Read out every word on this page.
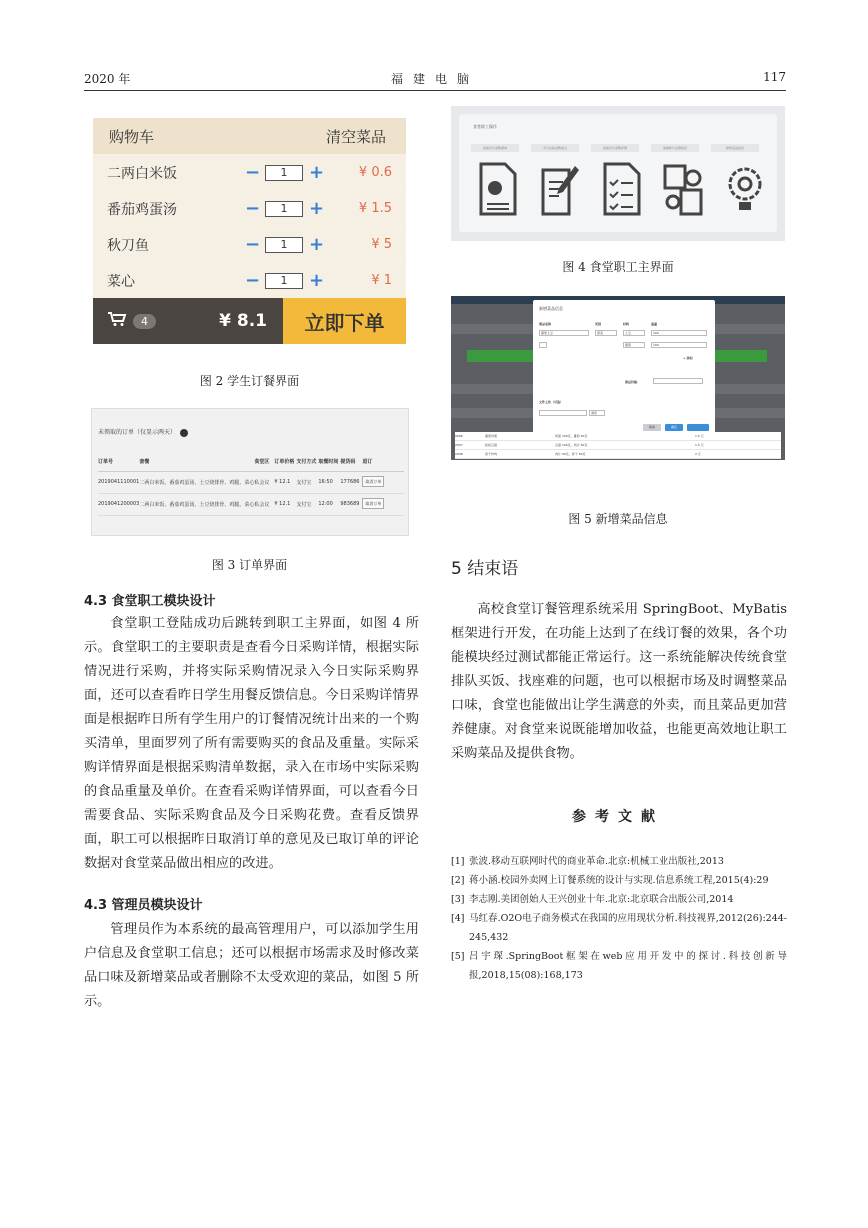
2020 年	福建电脑	117
购物车	清空菜品
二两白米饭	−	1	+	¥ 0.6
番茄鸡蛋汤	−	1	+	¥ 1.5
秋刀鱼	−	1	+	¥ 5
菜心	−	1	+	¥ 1
4	¥ 8.1	立即下单
图 2 学生订餐界面
未领取的订单（仅显示两天）
订单号	套餐	食堂区	订单价格	支付方式	取餐时间	提货码	退订
2019041110001	二两白米饭、番茄鸡蛋汤、土豆烧排骨、鸡腿、菜心	私会议	¥ 12.1	支付宝	16:50	177686	取消订单
2019041200003	二两白米饭、番茄鸡蛋汤、土豆烧排骨、鸡腿、菜心	私会议	¥ 12.1	支付宝	12:00	983689	取消订单
图 3 订单界面
食堂职工操作
查看今日采购清单	今日实际采购录入	查看今日采购详情	查看昨日反馈信息	修改菜品信息
图 4 食堂职工主界面
新增菜品信息
菜品名称	类别	材料	重量
番茄土豆	素菜	土豆	100
番茄	100
+ 添加
菜品价格：
文件上传（可选）
浏览
取消	确定
2006	番茄炒蛋	鸡蛋 100克，番茄 50克	1.5 元
2007	铁板豆腐	豆腐 100克，肉片 50克	1.5 元
2008	香干炒肉	肉片 50克，香干 50克	2 元
图 5 新增菜品信息
4.3 食堂职工模块设计
食堂职工登陆成功后跳转到职工主界面，如图 4 所示。食堂职工的主要职责是查看今日采购详情，根据实际情况进行采购，并将实际采购情况录入今日实际采购界面，还可以查看昨日学生用餐反馈信息。今日采购详情界面是根据昨日所有学生用户的订餐情况统计出来的一个购买清单，里面罗列了所有需要购买的食品及重量。实际采购详情界面是根据采购清单数据，录入在市场中实际采购的食品重量及单价。在查看采购详情界面，可以查看今日需要食品、实际采购食品及今日采购花费。查看反馈界面，职工可以根据昨日取消订单的意见及已取订单的评论数据对食堂菜品做出相应的改进。
4.3 管理员模块设计
管理员作为本系统的最高管理用户，可以添加学生用户信息及食堂职工信息；还可以根据市场需求及时修改菜品口味及新增菜品或者删除不太受欢迎的菜品，如图 5 所示。
5 结束语
高校食堂订餐管理系统采用 SpringBoot、MyBatis 框架进行开发，在功能上达到了在线订餐的效果，各个功能模块经过测试都能正常运行。这一系统能解决传统食堂排队买饭、找座难的问题，也可以根据市场及时调整菜品口味，食堂也能做出让学生满意的外卖，而且菜品更加营养健康。对食堂来说既能增加收益，也能更高效地让职工采购菜品及提供食物。
参考文献
[1] 张波.移动互联网时代的商业革命.北京:机械工业出版社,2013
[2] 蒋小涵.校园外卖网上订餐系统的设计与实现.信息系统工程,2015(4):29
[3] 李志刚.美团创始人王兴创业十年.北京:北京联合出版公司,2014
[4] 马红春.O2O电子商务模式在我国的应用现状分析.科技视界,2012(26):244-245,432
[5] 吕宇琛.SpringBoot框架在web应用开发中的探讨.科技创新导报,2018,15(08):168,173
